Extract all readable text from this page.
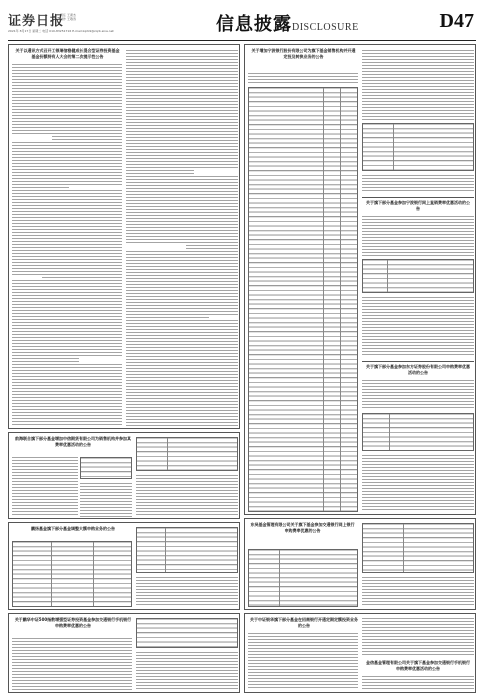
证券日报
责任 王素杰
制作 王敬涛
2021年 8月17日 星期二 电话 010-83251716 E-mail:zqrb9@zqrb.sina.net	信息披露DISCLOSURE	D47
关于以通讯方式召开工银瑞信稳健成长混合型证券投资基金基金份额持有人大会的第二次提示性公告
前海联合旗下部分基金增加中信期货有限公司为销售机构并参加其费率优惠活动的公告
鹏扬基金旗下部分基金调整大额申购业务的公告
关于鹏华中证500指数增强型证券投资基金参加交通银行手机银行申购费率优惠的公告
关于增加宁波银行股份有限公司为旗下基金销售机构并开通定投及转换业务的公告
关于旗下部分基金参加宁波银行网上直销费率优惠活动的公告
关于旗下部分基金参加东方证券股份有限公司申购费率优惠活动的公告
东吴基金管理有限公司关于旗下基金参加交通银行网上银行申购费率优惠的公告
关于中证银华旗下部分基金在招商银行开通定期定额投资业务的公告
金信基金管理有限公司关于旗下基金参加交通银行手机银行申购费率优惠活动的公告
